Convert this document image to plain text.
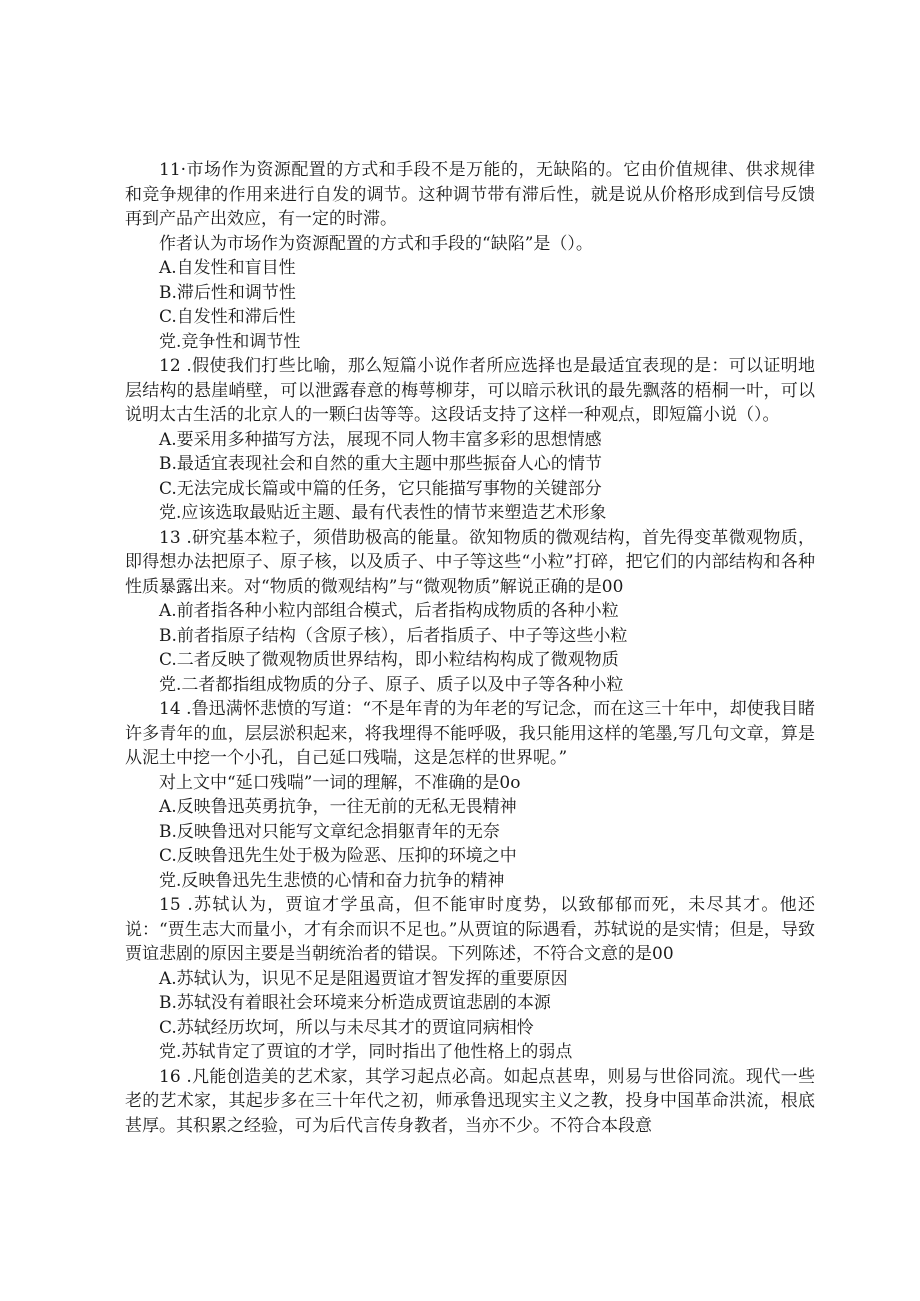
11·市场作为资源配置的方式和手段不是万能的，无缺陷的。它由价值规律、供求规律和竞争规律的作用来进行自发的调节。这种调节带有滞后性，就是说从价格形成到信号反馈再到产品产出效应，有一定的时滞。

作者认为市场作为资源配置的方式和手段的“缺陷”是（）。

A.自发性和盲目性

B.滞后性和调节性

C.自发性和滞后性

党.竞争性和调节性

12 .假使我们打些比喻，那么短篇小说作者所应选择也是最适宜表现的是：可以证明地层结构的悬崖峭壁，可以泄露春意的梅萼柳芽，可以暗示秋讯的最先飘落的梧桐一叶，可以说明太古生活的北京人的一颗臼齿等等。这段话支持了这样一种观点，即短篇小说（）。

A.要采用多种描写方法，展现不同人物丰富多彩的思想情感

B.最适宜表现社会和自然的重大主题中那些振奋人心的情节

C.无法完成长篇或中篇的任务，它只能描写事物的关键部分

党.应该选取最贴近主题、最有代表性的情节来塑造艺术形象

13 .研究基本粒子，须借助极高的能量。欲知物质的微观结构，首先得变革微观物质，即得想办法把原子、原子核，以及质子、中子等这些“小粒”打碎，把它们的内部结构和各种性质暴露出来。对“物质的微观结构”与“微观物质”解说正确的是00

A.前者指各种小粒内部组合模式，后者指构成物质的各种小粒

B.前者指原子结构（含原子核），后者指质子、中子等这些小粒

C.二者反映了微观物质世界结构，即小粒结构构成了微观物质

党.二者都指组成物质的分子、原子、质子以及中子等各种小粒

14 .鲁迅满怀悲愤的写道：“不是年青的为年老的写记念，而在这三十年中，却使我目睹许多青年的血，层层淤积起来，将我埋得不能呼吸，我只能用这样的笔墨,写几句文章，算是从泥土中挖一个小孔，自己延口残喘，这是怎样的世界呢。”

对上文中“延口残喘”一词的理解，不准确的是0o

A.反映鲁迅英勇抗争，一往无前的无私无畏精神

B.反映鲁迅对只能写文章纪念捐躯青年的无奈

C.反映鲁迅先生处于极为险恶、压抑的环境之中

党.反映鲁迅先生悲愤的心情和奋力抗争的精神

15 .苏轼认为，贾谊才学虽高，但不能审时度势，以致郁郁而死，未尽其才。他还说：“贾生志大而量小，才有余而识不足也。”从贾谊的际遇看，苏轼说的是实情；但是，导致贾谊悲剧的原因主要是当朝统治者的错误。下列陈述，不符合文意的是00

A.苏轼认为，识见不足是阻遏贾谊才智发挥的重要原因

B.苏轼没有着眼社会环境来分析造成贾谊悲剧的本源

C.苏轼经历坎坷，所以与未尽其才的贾谊同病相怜

党.苏轼肯定了贾谊的才学，同时指出了他性格上的弱点

16 .凡能创造美的艺术家，其学习起点必高。如起点甚卑，则易与世俗同流。现代一些老的艺术家，其起步多在三十年代之初，师承鲁迅现实主义之教，投身中国革命洪流，根底甚厚。其积累之经验，可为后代言传身教者，当亦不少。不符合本段意
